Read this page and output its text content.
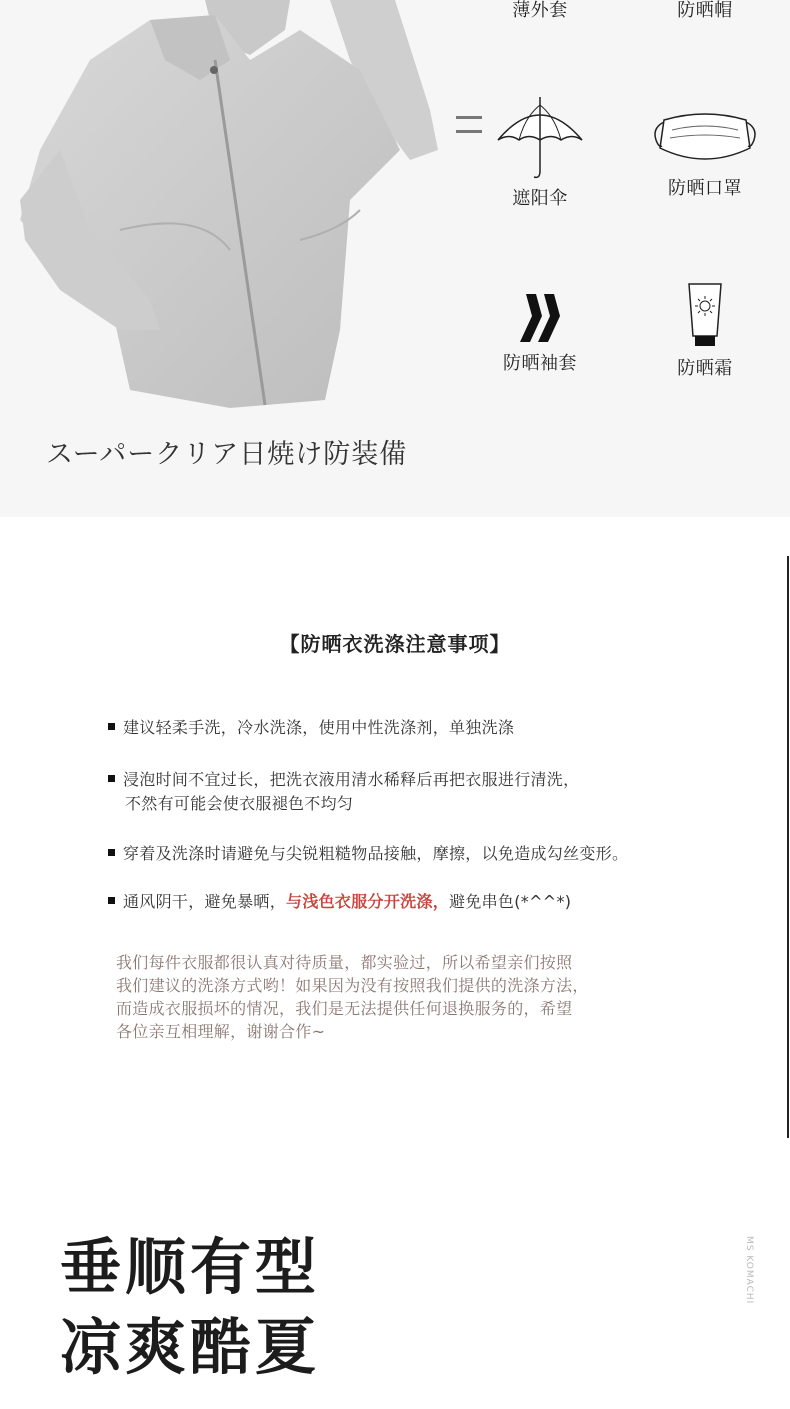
薄外套	防晒帽
遮阳伞	防晒口罩
防晒袖套	防晒霜
スーパークリア日焼け防装備
【防晒衣洗涤注意事项】
建议轻柔手洗，冷水洗涤，使用中性洗涤剂，单独洗涤
浸泡时间不宜过长，把洗衣液用清水稀释后再把衣服进行清洗，
不然有可能会使衣服褪色不均匀
穿着及洗涤时请避免与尖锐粗糙物品接触，摩擦，以免造成勾丝变形。
通风阴干，避免暴晒，与浅色衣服分开洗涤，避免串色(*^^*)
我们每件衣服都很认真对待质量，都实验过，所以希望亲们按照
我们建议的洗涤方式哟！如果因为没有按照我们提供的洗涤方法，
而造成衣服损坏的情况，我们是无法提供任何退换服务的，希望
各位亲互相理解，谢谢合作~
垂顺有型
凉爽酷夏
MS KOMACHI
